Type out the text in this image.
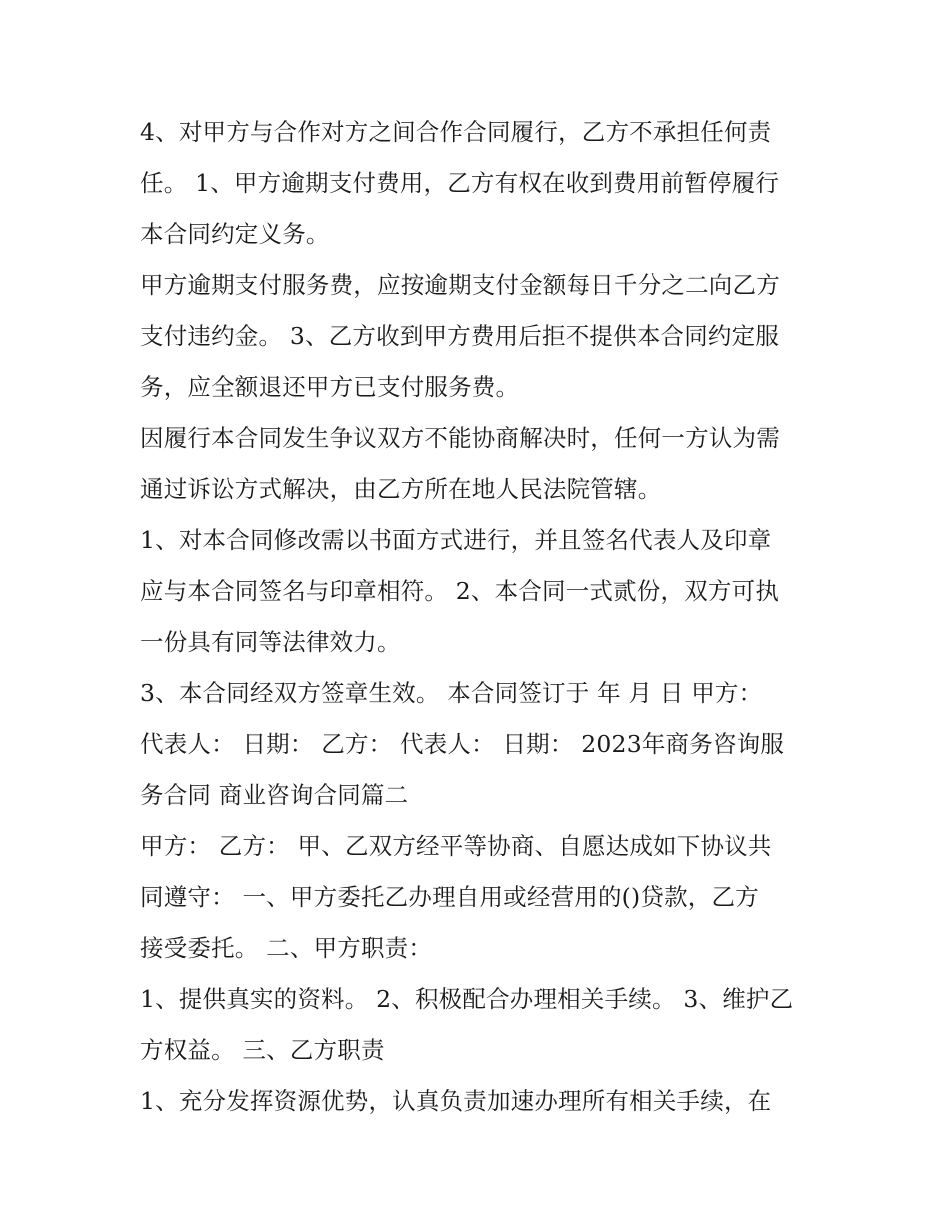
4、对甲方与合作对方之间合作合同履行，乙方不承担任何责
任。 1、甲方逾期支付费用，乙方有权在收到费用前暂停履行
本合同约定义务。

甲方逾期支付服务费，应按逾期支付金额每日千分之二向乙方
支付违约金。 3、乙方收到甲方费用后拒不提供本合同约定服
务，应全额退还甲方已支付服务费。

因履行本合同发生争议双方不能协商解决时，任何一方认为需
通过诉讼方式解决，由乙方所在地人民法院管辖。

1、对本合同修改需以书面方式进行，并且签名代表人及印章
应与本合同签名与印章相符。 2、本合同一式贰份，双方可执
一份具有同等法律效力。

3、本合同经双方签章生效。 本合同签订于 年 月 日 甲方：
代表人： 日期： 乙方： 代表人： 日期： 2023年商务咨询服
务合同 商业咨询合同篇二

甲方： 乙方： 甲、乙双方经平等协商、自愿达成如下协议共
同遵守： 一、甲方委托乙办理自用或经营用的()贷款，乙方
接受委托。 二、甲方职责：

1、提供真实的资料。 2、积极配合办理相关手续。 3、维护乙
方权益。 三、乙方职责

1、充分发挥资源优势，认真负责加速办理所有相关手续，在
